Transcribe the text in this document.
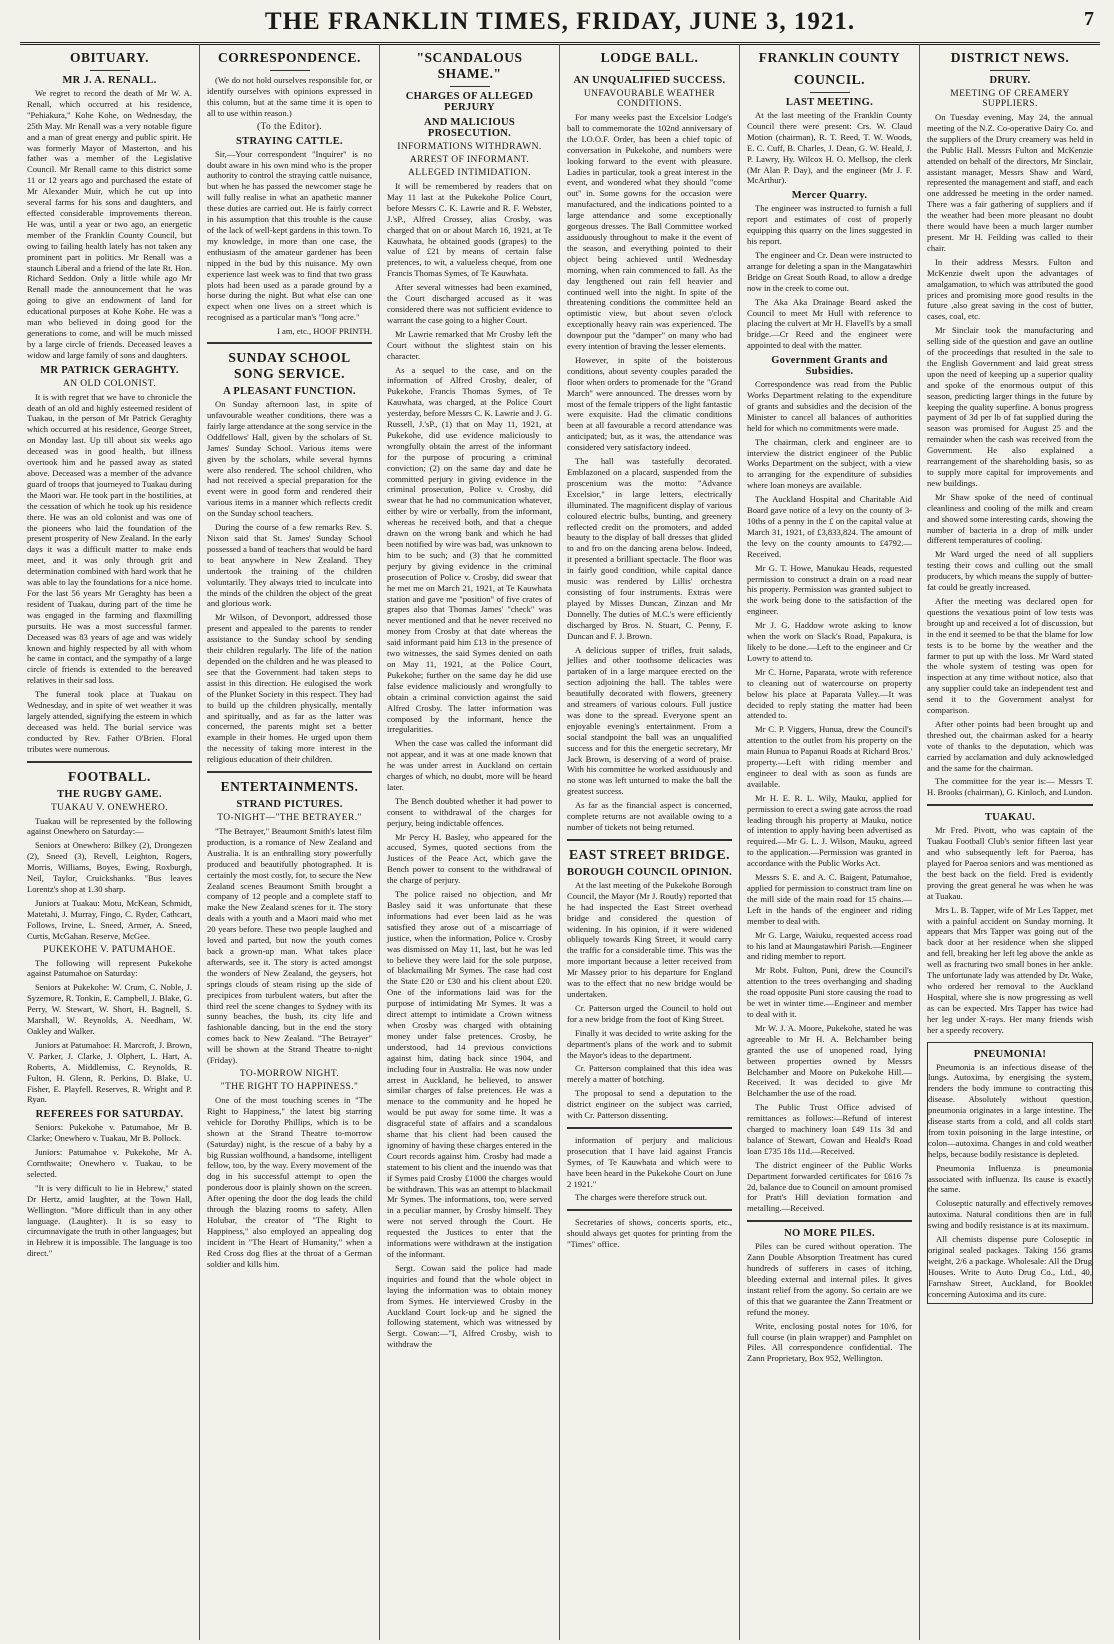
THE FRANKLIN TIMES, FRIDAY, JUNE 3, 1921.	7
OBITUARY.
MR J. A. RENALL.

We regret to record the death of Mr W. A. Renall, which occurred at his residence, "Pehiakura," Kohe Kohe, on Wednesday, the 25th May. Mr Renall was a very notable figure and a man of great energy and public spirit. He was formerly Mayor of Masterton, and his father was a member of the Legislative Council. Mr Renall came to this district some 11 or 12 years ago and purchased the estate of Mr Alexander Muir, which he cut up into several farms for his sons and daughters, and effected considerable improvements thereon. He was, until a year or two ago, an energetic member of the Franklin County Council, but owing to failing health lately has not taken any prominent part in politics. Mr Renall was a staunch Liberal and a friend of the late Rt. Hon. Richard Seddon. Only a little while ago Mr Renall made the announcement that he was going to give an endowment of land for educational purposes at Kohe Kohe. He was a man who believed in doing good for the generations to come, and will be much missed by a large circle of friends. Deceased leaves a widow and large family of sons and daughters.

MR PATRICK GERAGHTY.
AN OLD COLONIST.

It is with regret that we have to chronicle the death of an old and highly esteemed resident of Tuakau, in the person of Mr Patrick Geraghty which occurred at his residence, George Street, on Monday last. Up till about six weeks ago deceased was in good health, but illness overtook him and he passed away as stated above. Deceased was a member of the advance guard of troops that journeyed to Tuakau during the Maori war. He took part in the hostilities, at the cessation of which he took up his residence there. He was an old colonist and was one of the pioneers who laid the foundation of the present prosperity of New Zealand. In the early days it was a difficult matter to make ends meet, and it was only through grit and determination combined with hard work that he was able to lay the foundations for a nice home. For the last 56 years Mr Geraghty has been a resident of Tuakau, during part of the time he was engaged in the farming and flaxmilling pursuits. He was a most successful farmer. Deceased was 83 years of age and was widely known and highly respected by all with whom he came in contact, and the sympathy of a large circle of friends is extended to the bereaved relatives in their sad loss.

The funeral took place at Tuakau on Wednesday, and in spite of wet weather it was largely attended, signifying the esteem in which deceased was held. The burial service was conducted by Rev. Father O'Brien. Floral tributes were numerous.

FOOTBALL.
THE RUGBY GAME.
TUAKAU V. ONEWHERO.

Tuakau will be represented by the following against Onewhero on Saturday:—

Seniors at Onewhero: Bilkey (2), Drongezen (2), Sneed (3), Revell, Leighton, Rogers, Morris, Williams, Boyes, Ewing, Roxburgh, Neil, Taylor, Cruickshanks. "Bus leaves Lorentz's shop at 1.30 sharp.

Juniors at Tuakau: Motu, McKean, Schmidt, Matetahi, J. Murray, Fingo, C. Ryder, Cathcart, Follows, Irvine, L. Sneed, Armer, A. Sneed, Curtis, McGahan. Reserve, McGee.

PUKEKOHE V. PATUMAHOE.

The following will represent Pukekohe against Patumahoe on Saturday:

Seniors at Pukekohe: W. Crum, C. Noble, J. Syzemore, R. Tonkin, E. Campbell, J. Blake, G. Perry, W. Stewart, W. Short, H. Bagnell, S. Marshall, W. Reynolds, A. Needham, W. Oakley and Walker.

Juniors at Patumahoe: H. Marcroft, J. Brown, V. Parker, J. Clarke, J. Olphert, L. Hart, A. Roberts, A. Middlemiss, C. Reynolds, R. Fulton, H. Glenn, R. Perkins, D. Blake, U. Fisher, E. Playfell. Reserves, R. Wright and P. Ryan.

REFEREES FOR SATURDAY.

Seniors: Pukekohe v. Patumahoe, Mr B. Clarke; Onewhero v. Tuakau, Mr B. Pollock.

Juniors: Patumahoe v. Pukekohe, Mr A. Cornthwaite; Onewhero v. Tuakau, to be selected.

"It is very difficult to lie in Hebrew," stated Dr Hertz, amid laughter, at the Town Hall, Wellington. "More difficult than in any other language. (Laughter). It is so easy to circumnavigate the truth in other languages; but in Hebrew it is impossible. The language is too direct."

CORRESPONDENCE.

(We do not hold ourselves responsible for, or identify ourselves with opinions expressed in this column, but at the same time it is open to all to use within reason.)

(To the Editor).
STRAYING CATTLE.

Sir,—Your correspondent "Inquirer" is no doubt aware in his own mind who is the proper authority to control the straying cattle nuisance, but when he has passed the newcomer stage he will fully realise in what an apathetic manner these duties are carried out. He is fairly correct in his assumption that this trouble is the cause of the lack of well-kept gardens in this town. To my knowledge, in more than one case, the enthusiasm of the amateur gardener has been nipped in the bud by this nuisance. My own experience last week was to find that two grass plots had been used as a parade ground by a horse during the night. But what else can one expect when one lives on a street which is recognised as a particular man's "long acre."

I am, etc., HOOF PRINTH.
SUNDAY SCHOOL SONG SERVICE.
A PLEASANT FUNCTION.

On Sunday afternoon last, in spite of unfavourable weather conditions, there was a fairly large attendance at the song service in the Oddfellows' Hall, given by the scholars of St. James' Sunday School. Various items were given by the scholars, while several hymns were also rendered. The school children, who had not received a special preparation for the event were in good form and rendered their various items in a manner which reflects credit on the Sunday school teachers.

During the course of a few remarks Rev. S. Nixon said that St. James' Sunday School possessed a band of teachers that would be hard to beat anywhere in New Zealand. They undertook the training of the children voluntarily. They always tried to inculcate into the minds of the children the object of the great and glorious work.

Mr Wilson, of Devonport, addressed those present and appealed to the parents to render assistance to the Sunday school by sending their children regularly. The life of the nation depended on the children and he was pleased to see that the Government had taken steps to assist in this direction. He eulogised the work of the Plunket Society in this respect. They had to build up the children physically, mentally and spiritually, and as far as the latter was concerned, the parents might set a better example in their homes. He urged upon them the necessity of taking more interest in the religious education of their children.

ENTERTAINMENTS.
STRAND PICTURES.
TO-NIGHT—"THE BETRAYER."

"The Betrayer," Beaumont Smith's latest film production, is a romance of New Zealand and Australia. It is an enthralling story powerfully produced and beautifully photographed. It is certainly the most costly, for, to secure the New Zealand scenes Beaumont Smith brought a company of 12 people and a complete staff to make the New Zealand scenes for it. The story deals with a youth and a Maori maid who met 20 years before. These two people laughed and loved and parted, but now the youth comes back a grown-up man. What takes place afterwards, see it. The story is acted amongst the wonders of New Zealand, the geysers, hot springs clouds of steam rising up the side of precipices from turbulent waters, but after the third reel the scene changes to Sydney with its sunny beaches, the bush, its city life and fashionable dancing, but in the end the story comes back to New Zealand. "The Betrayer" will be shown at the Strand Theatre to-night (Friday).

TO-MORROW NIGHT.
"THE RIGHT TO HAPPINESS."

One of the most touching scenes in "The Right to Happiness," the latest big starring vehicle for Dorothy Phillips, which is to be shown at the Strand Theatre to-morrow (Saturday) night, is the rescue of a baby by a big Russian wolfhound, a handsome, intelligent fellow, too, by the way. Every movement of the dog in his successful attempt to open the ponderous door is plainly shown on the screen. After opening the door the dog leads the child through the blazing rooms to safety. Allen Holubar, the creator of "The Right to Happiness," also employed an appealing dog incident in "The Heart of Humanity," when a Red Cross dog flies at the throat of a German soldier and kills him.

"SCANDALOUS SHAME."
CHARGES OF ALLEGED PERJURY
AND MALICIOUS PROSECUTION.
INFORMATIONS WITHDRAWN.
ARREST OF INFORMANT.
ALLEGED INTIMIDATION.

It will be remembered by readers that on May 11 last at the Pukekohe Police Court, before Messrs C. K. Lawrie and R. F. Webster, J.'sP., Alfred Crossey, alias Crosby, was charged that on or about March 16, 1921, at Te Kauwhata, he obtained goods (grapes) to the value of £21 by means of certain false pretences, to wit, a valueless cheque, from one Francis Thomas Symes, of Te Kauwhata.

After several witnesses had been examined, the Court discharged accused as it was considered there was not sufficient evidence to warrant the case going to a higher Court.

Mr Lawrie remarked that Mr Crosby left the Court without the slightest stain on his character.

As a sequel to the case, and on the information of Alfred Crosby, dealer, of Pukekohe, Francis Thomas Symes, of Te Kauwhata, was charged, at the Police Court yesterday, before Messrs C. K. Lawrie and J. G. Russell, J.'sP., (1) that on May 11, 1921, at Pukekohe, did use evidence maliciously to wrongfully obtain the arrest of the informant for the purpose of procuring a criminal conviction; (2) on the same day and date he committed perjury in giving evidence in the criminal prosecution, Police v. Crosby, did swear that he had no communication whatever, either by wire or verbally, from the informant, whereas he received both, and that a cheque drawn on the wrong bank and which he had been notified by wire was bad, was unknown to him to be such; and (3) that he committed perjury by giving evidence in the criminal prosecution of Police v. Crosby, did swear that he met me on March 21, 1921, at Te Kauwhata station and gave me "position" of five crates of grapes also that Thomas James' "check" was never mentioned and that he never received no money from Crosby at that date whereas the said informant paid him £13 in the presence of two witnesses, the said Symes denied on oath on May 11, 1921, at the Police Court, Pukekohe; further on the same day he did use false evidence maliciously and wrongfully to obtain a criminal conviction against the said Alfred Crosby. The latter information was composed by the informant, hence the irregularities.

When the case was called the informant did not appear, and it was at one made known that he was under arrest in Auckland on certain charges of which, no doubt, more will be heard later.

The Bench doubted whether it had power to consent to withdrawal of the charges for perjury, being indictable offences.

Mr Percy H. Basley, who appeared for the accused, Symes, quoted sections from the Justices of the Peace Act, which gave the Bench power to consent to the withdrawal of the charge of perjury.

The police raised no objection, and Mr Basley said it was unfortunate that these informations had ever been laid as he was satisfied they arose out of a miscarriage of justice, when the information, Police v. Crosby was dismissed on May 11, last, but he was led to believe they were laid for the sole purpose, of blackmailing Mr Symes. The case had cost the State £20 or £30 and his client about £20. One of the informations laid was for the purpose of intimidating Mr Symes. It was a direct attempt to intimidate a Crown witness when Crosby was charged with obtaining money under false pretences. Crosby, he understood, had 14 previous convictions against him, dating back since 1904, and including four in Australia. He was now under arrest in Auckland, he believed, to answer similar charges of false pretences. He was a menace to the community and he hoped he would be put away for some time. It was a disgraceful state of affairs and a scandalous shame that his client had been caused the ignominy of having these charges entered in the Court records against him. Crosby had made a statement to his client and the inuendo was that if Symes paid Crosby £1000 the charges would be withdrawn. This was an attempt to blackmail Mr Symes. The informations, too, were served in a peculiar manner, by Crosby himself. They were not served through the Court. He requested the Justices to enter that the informations were withdrawn at the instigation of the informant.

Sergt. Cowan said the police had made inquiries and found that the whole object in laying the information was to obtain money from Symes. He interviewed Crosby in the Auckland Court lock-up and he signed the following statement, which was witnessed by Sergt. Cowan:—"I, Alfred Crosby, wish to withdraw the

LODGE BALL.
AN UNQUALIFIED SUCCESS.
UNFAVOURABLE WEATHER CONDITIONS.

For many weeks past the Excelsior Lodge's ball to commemorate the 102nd anniversary of the I.O.O.F. Order, has been a chief topic of conversation in Pukekohe, and numbers were looking forward to the event with pleasure. Ladies in particular, took a great interest in the event, and wondered what they should "come out" in. Some gowns for the occasion were manufactured, and the indications pointed to a large attendance and some exceptionally gorgeous dresses. The Ball Committee worked assiduously throughout to make it the event of the season, and everything pointed to their object being achieved until Wednesday morning, when rain commenced to fall. As the day lengthened out rain fell heavier and continued well into the night. In spite of the threatening conditions the committee held an optimistic view, but about seven o'clock exceptionally heavy rain was experienced. The downpour put the "damper" on many who had every intention of braving the lesser elements.

However, in spite of the boisterous conditions, about seventy couples paraded the floor when orders to promenade for the "Grand March" were announced. The dresses worn by most of the female trippers of the light fantastic were exquisite. Had the climatic conditions been at all favourable a record attendance was anticipated; but, as it was, the attendance was considered very satisfactory indeed.

The hall was tastefully decorated. Emblazoned on a placard, suspended from the proscenium was the motto: "Advance Excelsior," in large letters, electrically illuminated. The magnificent display of various coloured electric bulbs, bunting, and greenery reflected credit on the promoters, and added beauty to the display of ball dresses that glided to and fro on the dancing arena below. Indeed, it presented a brilliant spectacle. The floor was in fairly good condition, while capital dance music was rendered by Lillis' orchestra consisting of four instruments. Extras were played by Misses Duncan, Zinzan and Mr Donnelly. The duties of M.C.'s were efficiently discharged by Bros. N. Stuart, C. Penny, F. Duncan and F. J. Brown.

A delicious supper of trifles, fruit salads, jellies and other toothsome delicacies was partaken of in a large marquee erected on the section adjoining the hall. The tables were beautifully decorated with flowers, greenery and streamers of various colours. Full justice was done to the spread. Everyone spent an enjoyable evening's entertainment. From a social standpoint the ball was an unqualified success and for this the energetic secretary, Mr Jack Brown, is deserving of a word of praise. With his committee he worked assiduously and no stone was left unturned to make the ball the greatest success.

As far as the financial aspect is concerned, complete returns are not available owing to a number of tickets not being returned.

EAST STREET BRIDGE.
BOROUGH COUNCIL OPINION.

At the last meeting of the Pukekohe Borough Council, the Mayor (Mr J. Routly) reported that he had inspected the East Street overhead bridge and considered the question of widening. In his opinion, if it were widened obliquely towards King Street, it would carry the traffic for a considerable time. This was the more important because a letter received from Mr Massey prior to his departure for England was to the effect that no new bridge would be undertaken.

Cr. Patterson urged the Council to hold out for a new bridge from the foot of King Street.

Finally it was decided to write asking for the department's plans of the work and to submit the Mayor's ideas to the department.

Cr. Patterson complained that this idea was merely a matter of botching.

The proposal to send a deputation to the district engineer on the subject was carried, with Cr. Patterson dissenting.

information of perjury and malicious prosecution that I have laid against Francis Symes, of Te Kauwhata and which were to have been heard in the Pukekohe Court on June 2 1921."

The charges were therefore struck out.

Secretaries of shows, concerts sports, etc., should always get quotes for printing from the "Times" office.

FRANKLIN COUNTY
COUNCIL.
LAST MEETING.

At the last meeting of the Franklin County Council there were present: Crs. W. Claud Motion (chairman), R. T. Reed, T. W. Woods, E. C. Cuff, B. Charles, J. Dean, G. W. Heald, J. P. Lawry, Hy. Wilcox H. O. Mellsop, the clerk (Mr Alan P. Day), and the engineer (Mr J. F. McArthur).

Mercer Quarry.

The engineer was instructed to furnish a full report and estimates of cost of properly equipping this quarry on the lines suggested in his report.

The engineer and Cr. Dean were instructed to arrange for deleting a span in the Mangatawhiri Bridge on Great South Road, to allow a dredge now in the creek to come out.

The Aka Aka Drainage Board asked the Council to meet Mr Hull with reference to placing the culvert at Mr H. Flavell's by a small bridge.—Cr Reed and the engineer were appointed to deal with the matter.

Government Grants and Subsidies.

Correspondence was read from the Public Works Department relating to the expenditure of grants and subsidies and the decision of the Minister to cancel all balances of authorities held for which no commitments were made.

The chairman, clerk and engineer are to interview the district engineer of the Public Works Department on the subject, with a view to arranging for the expenditure of subsidies where loan moneys are available.

The Auckland Hospital and Charitable Aid Board gave notice of a levy on the county of 3-10ths of a penny in the £ on the capital value at March 31, 1921, of £3,833,824. The amount of the levy on the county amounts to £4792.—Received.

Mr G. T. Howe, Manukau Heads, requested permission to construct a drain on a road near his property. Permission was granted subject to the work being done to the satisfaction of the engineer.

Mr J. G. Haddow wrote asking to know when the work on Slack's Road, Papakura, is likely to be done.—Left to the engineer and Cr Lowry to attend to.

Mr C. Horne, Paparata, wrote with reference to cleaning out of watercourse on property below his place at Paparata Valley.—It was decided to reply stating the matter had been attended to.

Mr C. P. Viggers, Hunua, drew the Council's attention to the outlet from his property on the main Hunua to Papanui Roads at Richard Bros.' property.—Left with riding member and engineer to deal with as soon as funds are available.

Mr H. E. R. L. Wily, Mauku, applied for permission to erect a swing gate across the road leading through his property at Mauku, notice of intention to apply having been advertised as required.—Mr G. L. J. Wilson, Mauku, agreed to the application.—Permission was granted in accordance with the Public Works Act.

Messrs S. E. and A. C. Baigent, Patumahoe, applied for permission to construct tram line on the mill side of the main road for 15 chains.—Left in the hands of the engineer and riding member to deal with.

Mr G. Large, Waiuku, requested access road to his land at Maungatawhiri Parish.—Engineer and riding member to report.

Mr Robt. Fulton, Puni, drew the Council's attention to the trees overhanging and shading the road opposite Puni store causing the road to be wet in winter time.—Engineer and member to deal with it.

Mr W. J. A. Moore, Pukekohe, stated he was agreeable to Mr H. A. Belchamber being granted the use of unopened road, lying between properties owned by Messrs Belchamber and Moore on Pukekohe Hill.—Received. It was decided to give Mr Belchamber the use of the road.

The Public Trust Office advised of remittances as follows:—Refund of interest charged to machinery loan £49 11s 3d and balance of Stewart, Cowan and Heald's Road loan £735 18s 11d.—Received.

The district engineer of the Public Works Department forwarded certificates for £616 7s 2d, balance due to Council on amount promised for Pratt's Hill deviation formation and metalling.—Received.

NO MORE PILES.

Piles can be cured without operation. The Zann Double Absorption Treatment has cured hundreds of sufferers in cases of itching, bleeding external and internal piles. It gives instant relief from the agony. So certain are we of this that we guarantee the Zann Treatment or refund the money.

Write, enclosing postal notes for 10/6, for full course (in plain wrapper) and Pamphlet on Piles. All correspondence confidential. The Zann Proprietary, Box 952, Wellington.

DISTRICT NEWS.
DRURY.
MEETING OF CREAMERY SUPPLIERS.

On Tuesday evening, May 24, the annual meeting of the N.Z. Co-operative Dairy Co. and the suppliers of the Drury creamery was held in the Public Hall. Messrs Fulton and McKenzie attended on behalf of the directors, Mr Sinclair, assistant manager, Messrs Shaw and Ward, represented the management and staff, and each one addressed he meeting in the order named. There was a fair gathering of suppliers and if the weather had been more pleasant no doubt there would have been a much larger number present. Mr H. Feilding was called to their chair.

In their address Messrs. Fulton and McKenzie dwelt upon the advantages of amalgamation, to which was attributed the good prices and promising more good results in the future ,also great saving in the cost of butter, cases, coal, etc.

Mr Sinclair took the manufacturing and selling side of the question and gave an outline of the proceedings that resulted in the sale to the English Government and laid great stress upon the need of keeping up a superior quality and spoke of the enormous output of this season, predicting larger things in the future by keeping the quality superfine. A bonus progress payment of 3d per lb of fat supplied during the season was promised for August 25 and the remainder when the cash was received from the Government. He also explained a rearrangement of the shareholding basis, so as to supply more capital for improvements and new buildings.

Mr Shaw spoke of the need of continual cleanliness and cooling of the milk and cream and showed some interesting cards, showing the number of bacteria in a drop of milk under different temperatures of cooling.

Mr Ward urged the need of all suppliers testing their cows and culling out the small producers, by which means the supply of butter-fat could be greatly increased.

After the meeting was declared open for questions the vexatious point of low tests was brought up and received a lot of discussion, but in the end it seemed to be that the blame for low tests is to be borne by the weather and the farmer to put up with the loss. Mr Ward stated the whole system of testing was open for inspection at any time without notice, also that any supplier could take an independent test and send it to the Government analyst for comparison.

After other points had been brought up and threshed out, the chairman asked for a hearty vote of thanks to the deputation, which was carried by acclamation and duly acknowledged and the same for the chairman.

The committee for the year is:— Messrs T. H. Brooks (chairman), G. Kinloch, and Lundon.

TUAKAU.

Mr Fred. Pivott, who was captain of the Tuakau Football Club's senior fifteen last year and who subsequently left for Paeroa, has played for Paeroa seniors and was mentioned as the best back on the field. Fred is evidently proving the great general he was when he was at Tuakau.

Mrs L. B. Tapper, wife of Mr Les Tapper, met with a painful accident on Sunday morning. It appears that Mrs Tapper was going out of the back door at her residence when she slipped and fell, breaking her left leg above the ankle as well as fracturing two small bones in her ankle. The unfortunate lady was attended by Dr. Wake, who ordered her removal to the Auckland Hospital, where she is now progressing as well as can be expected. Mrs Tapper has twice had her leg under X-rays. Her many friends wish her a speedy recovery.

PNEUMONIA!

Pneumonia is an infectious disease of the lungs. Autoxima, by energising the system, renders the body immune to contracting this disease. Absolutely without question, pneumonia originates in a large intestine. The disease starts from a cold, and all colds start from toxin poisoning in the large intestine, or colon—autoxima. Changes in and cold weather helps, because bodily resistance is depleted.

Pneumonia Influenza is pneumonia associated with influenza. Its cause is exactly the same.

Coloseptic naturally and effectively removes autoxima. Natural conditions then are in full swing and bodily resistance is at its maximum.

All chemists dispense pure Coloseptic in original sealed packages. Taking 156 grams weight, 2/6 a package. Wholesale: All the Drug Houses. Write to Auto Drug Co., Ltd., 40, Farnshaw Street, Auckland, for Booklet concerning Autoxima and its cure.
